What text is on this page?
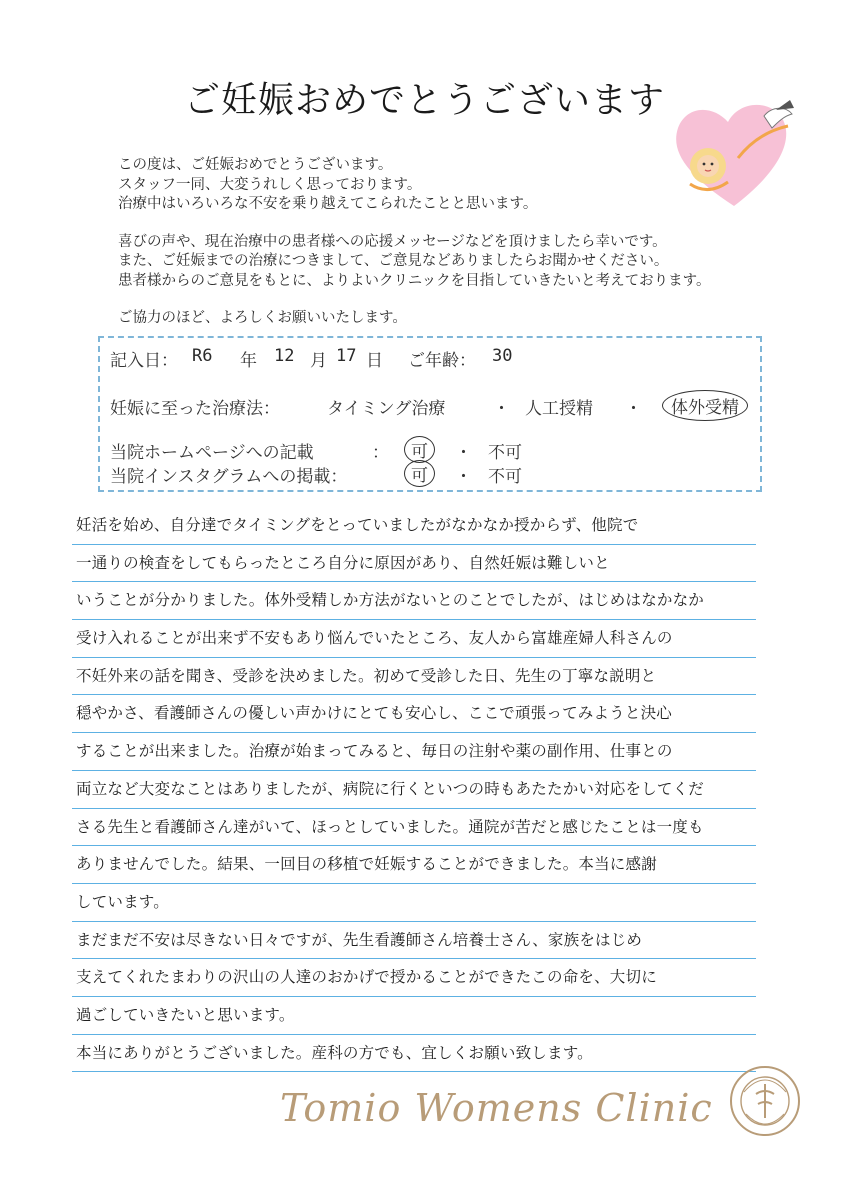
ご妊娠おめでとうございます

この度は、ご妊娠おめでとうございます。

スタッフ一同、大変うれしく思っております。

治療中はいろいろな不安を乗り越えてこられたことと思います。

喜びの声や、現在治療中の患者様への応援メッセージなどを頂けましたら幸いです。

また、ご妊娠までの治療につきまして、ご意見などありましたらお聞かせください。

患者様からのご意見をもとに、よりよいクリニックを目指していきたいと考えております。

ご協力のほど、よろしくお願いいたします。

記入日： R6 年 12 月 17 日 ご年齢： 30
妊娠に至った治療法：	タイミング治療	・ 人工授精 ・	体外受精
当院ホームページへの記載	：	可	・ 不可
当院インスタグラムへの掲載：	可	・ 不可
妊活を始め、自分達でタイミングをとっていましたがなかなか授からず、他院で
一通りの検査をしてもらったところ自分に原因があり、自然妊娠は難しいと
いうことが分かりました。体外受精しか方法がないとのことでしたが、はじめはなかなか
受け入れることが出来ず不安もあり悩んでいたところ、友人から富雄産婦人科さんの
不妊外来の話を聞き、受診を決めました。初めて受診した日、先生の丁寧な説明と
穏やかさ、看護師さんの優しい声かけにとても安心し、ここで頑張ってみようと決心
することが出来ました。治療が始まってみると、毎日の注射や薬の副作用、仕事との
両立など大変なことはありましたが、病院に行くといつの時もあたたかい対応をしてくだ
さる先生と看護師さん達がいて、ほっとしていました。通院が苦だと感じたことは一度も
ありませんでした。結果、一回目の移植で妊娠することができました。本当に感謝
しています。
まだまだ不安は尽きない日々ですが、先生看護師さん培養士さん、家族をはじめ
支えてくれたまわりの沢山の人達のおかげで授かることができたこの命を、大切に
過ごしていきたいと思います。
本当にありがとうございました。産科の方でも、宜しくお願い致します。
Tomio Womens Clinic
